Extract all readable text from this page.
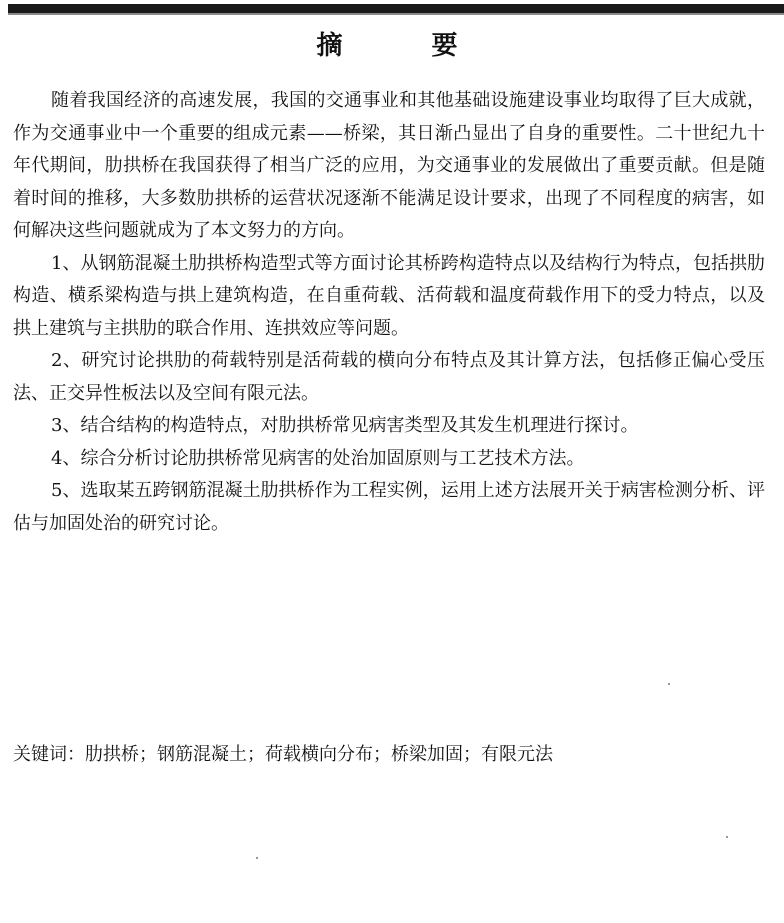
摘 要

随着我国经济的高速发展，我国的交通事业和其他基础设施建设事业均取得了巨大成就，作为交通事业中一个重要的组成元素——桥梁，其日渐凸显出了自身的重要性。二十世纪九十年代期间，肋拱桥在我国获得了相当广泛的应用，为交通事业的发展做出了重要贡献。但是随着时间的推移，大多数肋拱桥的运营状况逐渐不能满足设计要求，出现了不同程度的病害，如何解决这些问题就成为了本文努力的方向。

1、从钢筋混凝土肋拱桥构造型式等方面讨论其桥跨构造特点以及结构行为特点，包括拱肋构造、横系梁构造与拱上建筑构造，在自重荷载、活荷载和温度荷载作用下的受力特点，以及拱上建筑与主拱肋的联合作用、连拱效应等问题。

2、研究讨论拱肋的荷载特别是活荷载的横向分布特点及其计算方法，包括修正偏心受压法、正交异性板法以及空间有限元法。

3、结合结构的构造特点，对肋拱桥常见病害类型及其发生机理进行探讨。

4、综合分析讨论肋拱桥常见病害的处治加固原则与工艺技术方法。

5、选取某五跨钢筋混凝土肋拱桥作为工程实例，运用上述方法展开关于病害检测分析、评估与加固处治的研究讨论。

关键词：肋拱桥；钢筋混凝土；荷载横向分布；桥梁加固；有限元法
